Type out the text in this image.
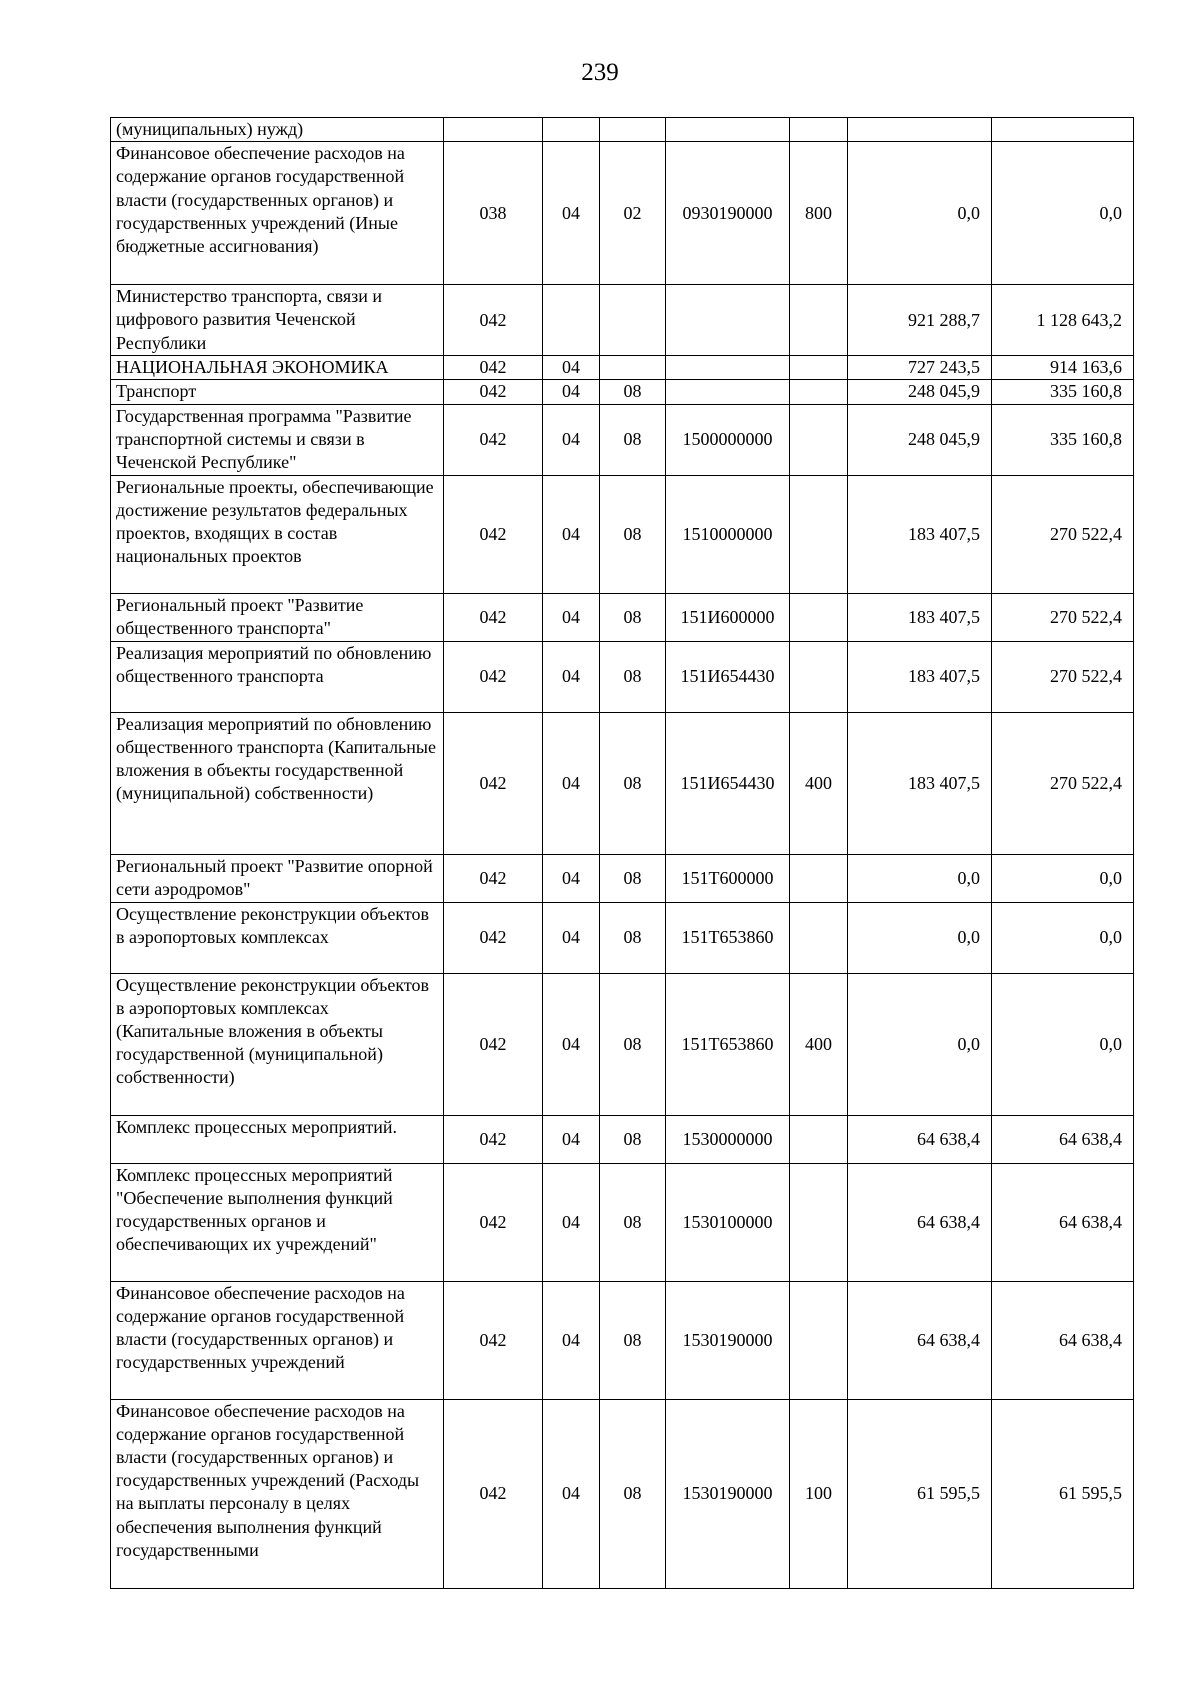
239
(муниципальных) нужд)							
Финансовое обеспечение расходов на содержание органов государственной власти (государственных органов) и государственных учреждений (Иные бюджетные ассигнования)	038	04	02	0930190000	800	0,0	0,0
Министерство транспорта, связи и цифрового развития Чеченской Республики	042					921 288,7	1 128 643,2
НАЦИОНАЛЬНАЯ ЭКОНОМИКА	042	04				727 243,5	914 163,6
Транспорт	042	04	08			248 045,9	335 160,8
Государственная программа "Развитие транспортной системы и связи в Чеченской Республике"	042	04	08	1500000000		248 045,9	335 160,8
Региональные проекты, обеспечивающие достижение результатов федеральных проектов, входящих в состав национальных проектов	042	04	08	1510000000		183 407,5	270 522,4
Региональный проект "Развитие общественного транспорта"	042	04	08	151И600000		183 407,5	270 522,4
Реализация мероприятий по обновлению общественного транспорта	042	04	08	151И654430		183 407,5	270 522,4
Реализация мероприятий по обновлению общественного транспорта (Капитальные вложения в объекты государственной (муниципальной) собственности)	042	04	08	151И654430	400	183 407,5	270 522,4
Региональный проект "Развитие опорной сети аэродромов"	042	04	08	151Т600000		0,0	0,0
Осуществление реконструкции объектов в аэропортовых комплексах	042	04	08	151Т653860		0,0	0,0
Осуществление реконструкции объектов в аэропортовых комплексах (Капитальные вложения в объекты государственной (муниципальной) собственности)	042	04	08	151Т653860	400	0,0	0,0
Комплекс процессных мероприятий.	042	04	08	1530000000		64 638,4	64 638,4
Комплекс процессных мероприятий "Обеспечение выполнения функций государственных органов и обеспечивающих их учреждений"	042	04	08	1530100000		64 638,4	64 638,4
Финансовое обеспечение расходов на содержание органов государственной власти (государственных органов) и государственных учреждений	042	04	08	1530190000		64 638,4	64 638,4
Финансовое обеспечение расходов на содержание органов государственной власти (государственных органов) и государственных учреждений (Расходы на выплаты персоналу в целях обеспечения выполнения функций государственными	042	04	08	1530190000	100	61 595,5	61 595,5
